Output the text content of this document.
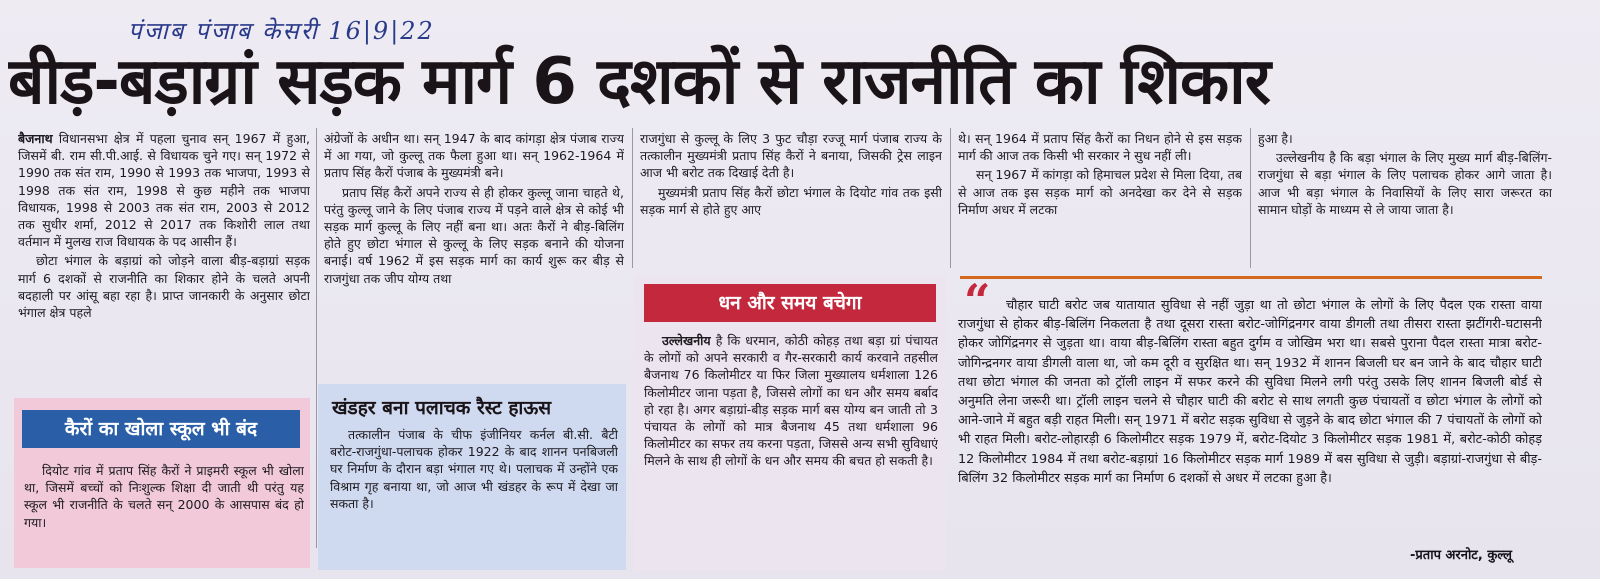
पंजाब पंजाब केसरी 16|9|22
बीड़-बड़ाग्रां सड़क मार्ग 6 दशकों से राजनीति का शिकार

बैजनाथ विधानसभा क्षेत्र में पहला चुनाव सन् 1967 में हुआ, जिसमें बी. राम सी.पी.आई. से विधायक चुने गए। सन् 1972 से 1990 तक संत राम, 1990 से 1993 तक भाजपा, 1993 से 1998 तक संत राम, 1998 से कुछ महीने तक भाजपा विधायक, 1998 से 2003 तक संत राम, 2003 से 2012 तक सुधीर शर्मा, 2012 से 2017 तक किशोरी लाल तथा वर्तमान में मुलख राज विधायक के पद आसीन हैं।

छोटा भंगाल के बड़ाग्रां को जोड़ने वाला बीड़-बड़ाग्रां सड़क मार्ग 6 दशकों से राजनीति का शिकार होने के चलते अपनी बदहाली पर आंसू बहा रहा है। प्राप्त जानकारी के अनुसार छोटा भंगाल क्षेत्र पहले

अंग्रेजों के अधीन था। सन् 1947 के बाद कांगड़ा क्षेत्र पंजाब राज्य में आ गया, जो कुल्लू तक फैला हुआ था। सन् 1962-1964 में प्रताप सिंह कैरों पंजाब के मुख्यमंत्री बने।

प्रताप सिंह कैरों अपने राज्य से ही होकर कुल्लू जाना चाहते थे, परंतु कुल्लू जाने के लिए पंजाब राज्य में पड़ने वाले क्षेत्र से कोई भी सड़क मार्ग कुल्लू के लिए नहीं बना था। अतः कैरों ने बीड़-बिलिंग होते हुए छोटा भंगाल से कुल्लू के लिए सड़क बनाने की योजना बनाई। वर्ष 1962 में इस सड़क मार्ग का कार्य शुरू कर बीड़ से राजगुंधा तक जीप योग्य तथा

राजगुंधा से कुल्लू के लिए 3 फुट चौड़ा रज्जू मार्ग पंजाब राज्य के तत्कालीन मुख्यमंत्री प्रताप सिंह कैरों ने बनाया, जिसकी ट्रेस लाइन आज भी बरोट तक दिखाई देती है।

मुख्यमंत्री प्रताप सिंह कैरों छोटा भंगाल के दियोट गांव तक इसी सड़क मार्ग से होते हुए आए

थे। सन् 1964 में प्रताप सिंह कैरों का निधन होने से इस सड़क मार्ग की आज तक किसी भी सरकार ने सुध नहीं ली।

सन् 1967 में कांगड़ा को हिमाचल प्रदेश से मिला दिया, तब से आज तक इस सड़क मार्ग को अनदेखा कर देने से सड़क निर्माण अधर में लटका

हुआ है।

उल्लेखनीय है कि बड़ा भंगाल के लिए मुख्य मार्ग बीड़-बिलिंग-राजगुंधा से बड़ा भंगाल के लिए पलाचक होकर आगे जाता है। आज भी बड़ा भंगाल के निवासियों के लिए सारा जरूरत का सामान घोड़ों के माध्यम से ले जाया जाता है।

कैरों का खोला स्कूल भी बंद

दियोट गांव में प्रताप सिंह कैरों ने प्राइमरी स्कूल भी खोला था, जिसमें बच्चों को निःशुल्क शिक्षा दी जाती थी परंतु यह स्कूल भी राजनीति के चलते सन् 2000 के आसपास बंद हो गया।

खंडहर बना पलाचक रैस्ट हाऊस

तत्कालीन पंजाब के चीफ इंजीनियर कर्नल बी.सी. बैटी बरोट-राजगुंधा-पलाचक होकर 1922 के बाद शानन पनबिजली घर निर्माण के दौरान बड़ा भंगाल गए थे। पलाचक में उन्होंने एक विश्राम गृह बनाया था, जो आज भी खंडहर के रूप में देखा जा सकता है।

धन और समय बचेगा

उल्लेखनीय है कि धरमान, कोठी कोहड़ तथा बड़ा ग्रां पंचायत के लोगों को अपने सरकारी व गैर-सरकारी कार्य करवाने तहसील बैजनाथ 76 किलोमीटर या फिर जिला मुख्यालय धर्मशाला 126 किलोमीटर जाना पड़ता है, जिससे लोगों का धन और समय बर्बाद हो रहा है। अगर बड़ाग्रां-बीड़ सड़क मार्ग बस योग्य बन जाती तो 3 पंचायत के लोगों को मात्र बैजनाथ 45 तथा धर्मशाला 96 किलोमीटर का सफर तय करना पड़ता, जिससे अन्य सभी सुविधाएं मिलने के साथ ही लोगों के धन और समय की बचत हो सकती है।

“	चौहार घाटी बरोट जब यातायात सुविधा से नहीं जुड़ा था तो छोटा भंगाल के लोगों के लिए पैदल एक रास्ता वाया राजगुंधा से होकर बीड़-बिलिंग निकलता है तथा दूसरा रास्ता बरोट-जोगिंद्रनगर वाया डीगली तथा तीसरा रास्ता झटींगरी-घटासनी होकर जोगिंद्रनगर से जुड़ता था। वाया बीड़-बिलिंग रास्ता बहुत दुर्गम व जोखिम भरा था। सबसे पुराना पैदल रास्ता मात्रा बरोट-जोगिन्द्रनगर वाया डीगली वाला था, जो कम दूरी व सुरक्षित था। सन् 1932 में शानन बिजली घर बन जाने के बाद चौहार घाटी तथा छोटा भंगाल की जनता को ट्रॉली लाइन में सफर करने की सुविधा मिलने लगी परंतु उसके लिए शानन बिजली बोर्ड से अनुमति लेना जरूरी था। ट्रॉली लाइन चलने से चौहार घाटी की बरोट से साथ लगती कुछ पंचायतों व छोटा भंगाल के लोगों को आने-जाने में बहुत बड़ी राहत मिली। सन् 1971 में बरोट सड़क सुविधा से जुड़ने के बाद छोटा भंगाल की 7 पंचायतों के लोगों को भी राहत मिली। बरोट-लोहारड़ी 6 किलोमीटर सड़क 1979 में, बरोट-दियोट 3 किलोमीटर सड़क 1981 में, बरोट-कोठी कोहड़ 12 किलोमीटर 1984 में तथा बरोट-बड़ाग्रां 16 किलोमीटर सड़क मार्ग 1989 में बस सुविधा से जुड़ी। बड़ाग्रां-राजगुंधा से बीड़-बिलिंग 32 किलोमीटर सड़क मार्ग का निर्माण 6 दशकों से अधर में लटका हुआ है।

-प्रताप अरनोट, कुल्लू
